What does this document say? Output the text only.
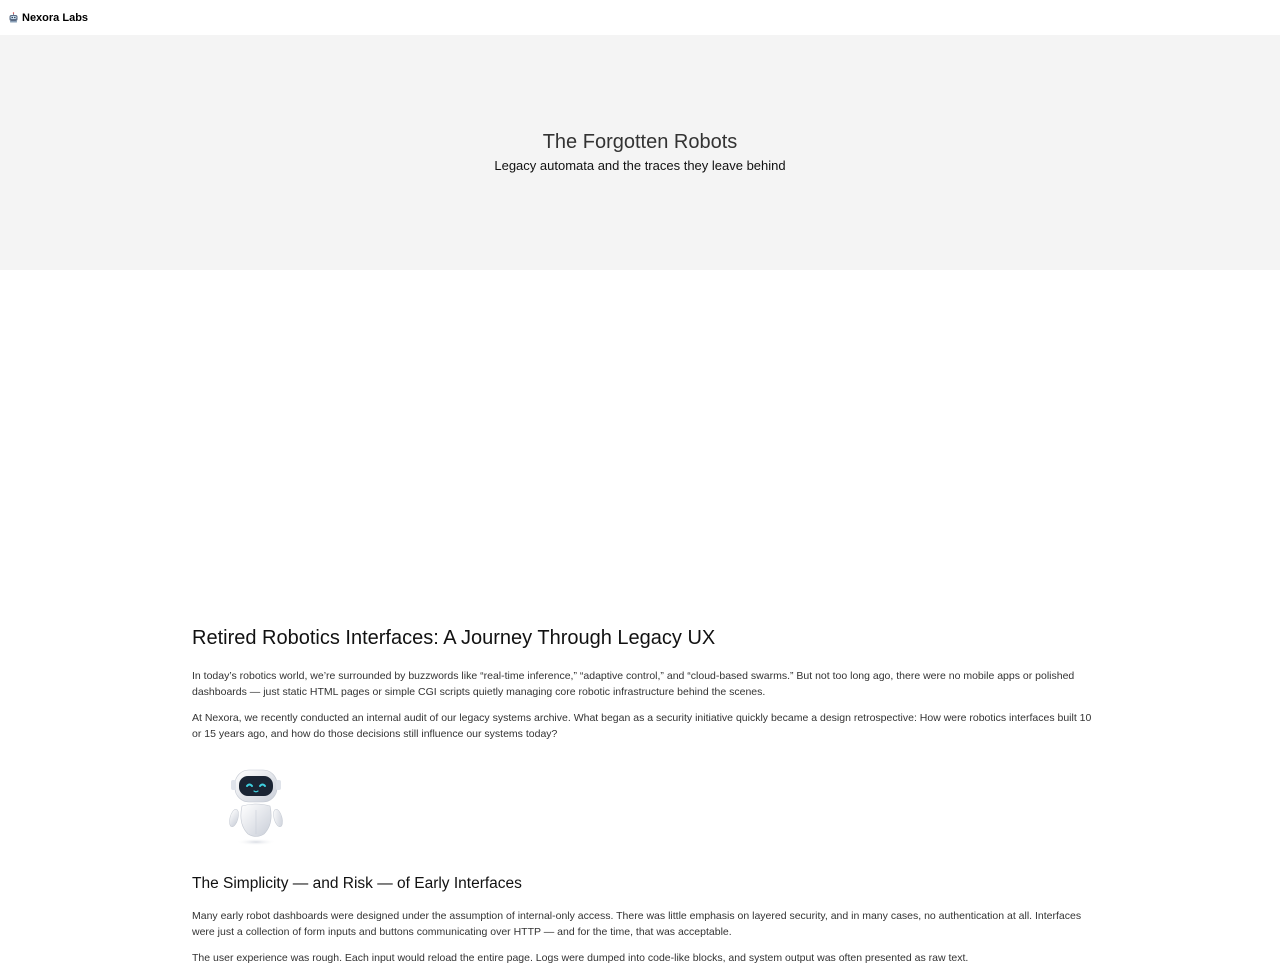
Nexora Labs
The Forgotten Robots

Legacy automata and the traces they leave behind

Retired Robotics Interfaces: A Journey Through Legacy UX

In today’s robotics world, we’re surrounded by buzzwords like “real-time inference,” “adaptive control,” and “cloud-based swarms.” But not too long ago, there were no mobile apps or polished dashboards — just static HTML pages or simple CGI scripts quietly managing core robotic infrastructure behind the scenes.

At Nexora, we recently conducted an internal audit of our legacy systems archive. What began as a security initiative quickly became a design retrospective: How were robotics interfaces built 10 or 15 years ago, and how do those decisions still influence our systems today?

The Simplicity — and Risk — of Early Interfaces

Many early robot dashboards were designed under the assumption of internal-only access. There was little emphasis on layered security, and in many cases, no authentication at all. Interfaces were just a collection of form inputs and buttons communicating over HTTP — and for the time, that was acceptable.

The user experience was rough. Each input would reload the entire page. Logs were dumped into code-like blocks, and system output was often presented as raw text.
